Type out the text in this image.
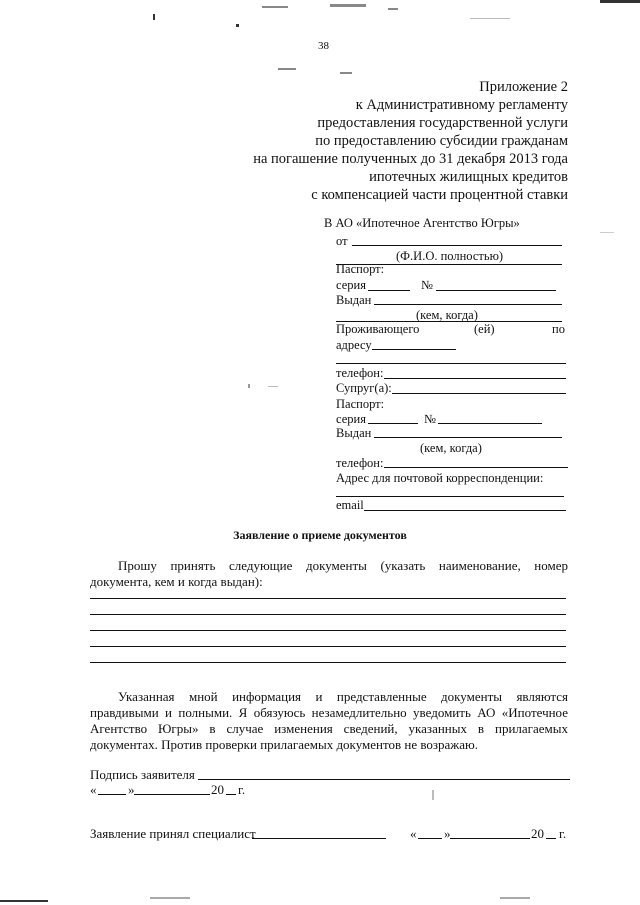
38
Приложение 2
к Административному регламенту
предоставления государственной услуги
по предоставлению субсидии гражданам
на погашение полученных до 31 декабря 2013 года
ипотечных жилищных кредитов
с компенсацией части процентной ставки
В АО «Ипотечное Агентство Югры»
от
(Ф.И.О. полностью)
Паспорт:
серия	№
Выдан
(кем, когда)
Проживающего	(ей)	по
адресу
телефон:
Супруг(а):
Паспорт:
серия	№
Выдан
(кем, когда)
телефон:
Адрес для почтовой корреспонденции:
email
Заявление о приеме документов
Прошу принять следующие документы (указать наименование, номер документа, кем и когда выдан):
Указанная мной информация и представленные документы являются правдивыми и полными. Я обязуюсь незамедлительно уведомить АО «Ипотечное Агентство Югры» в случае изменения сведений, указанных в прилагаемых документах. Против проверки прилагаемых документов не возражаю.
Подпись заявителя
« »	20 г.
Заявление принял специалист	« »	20 г.
